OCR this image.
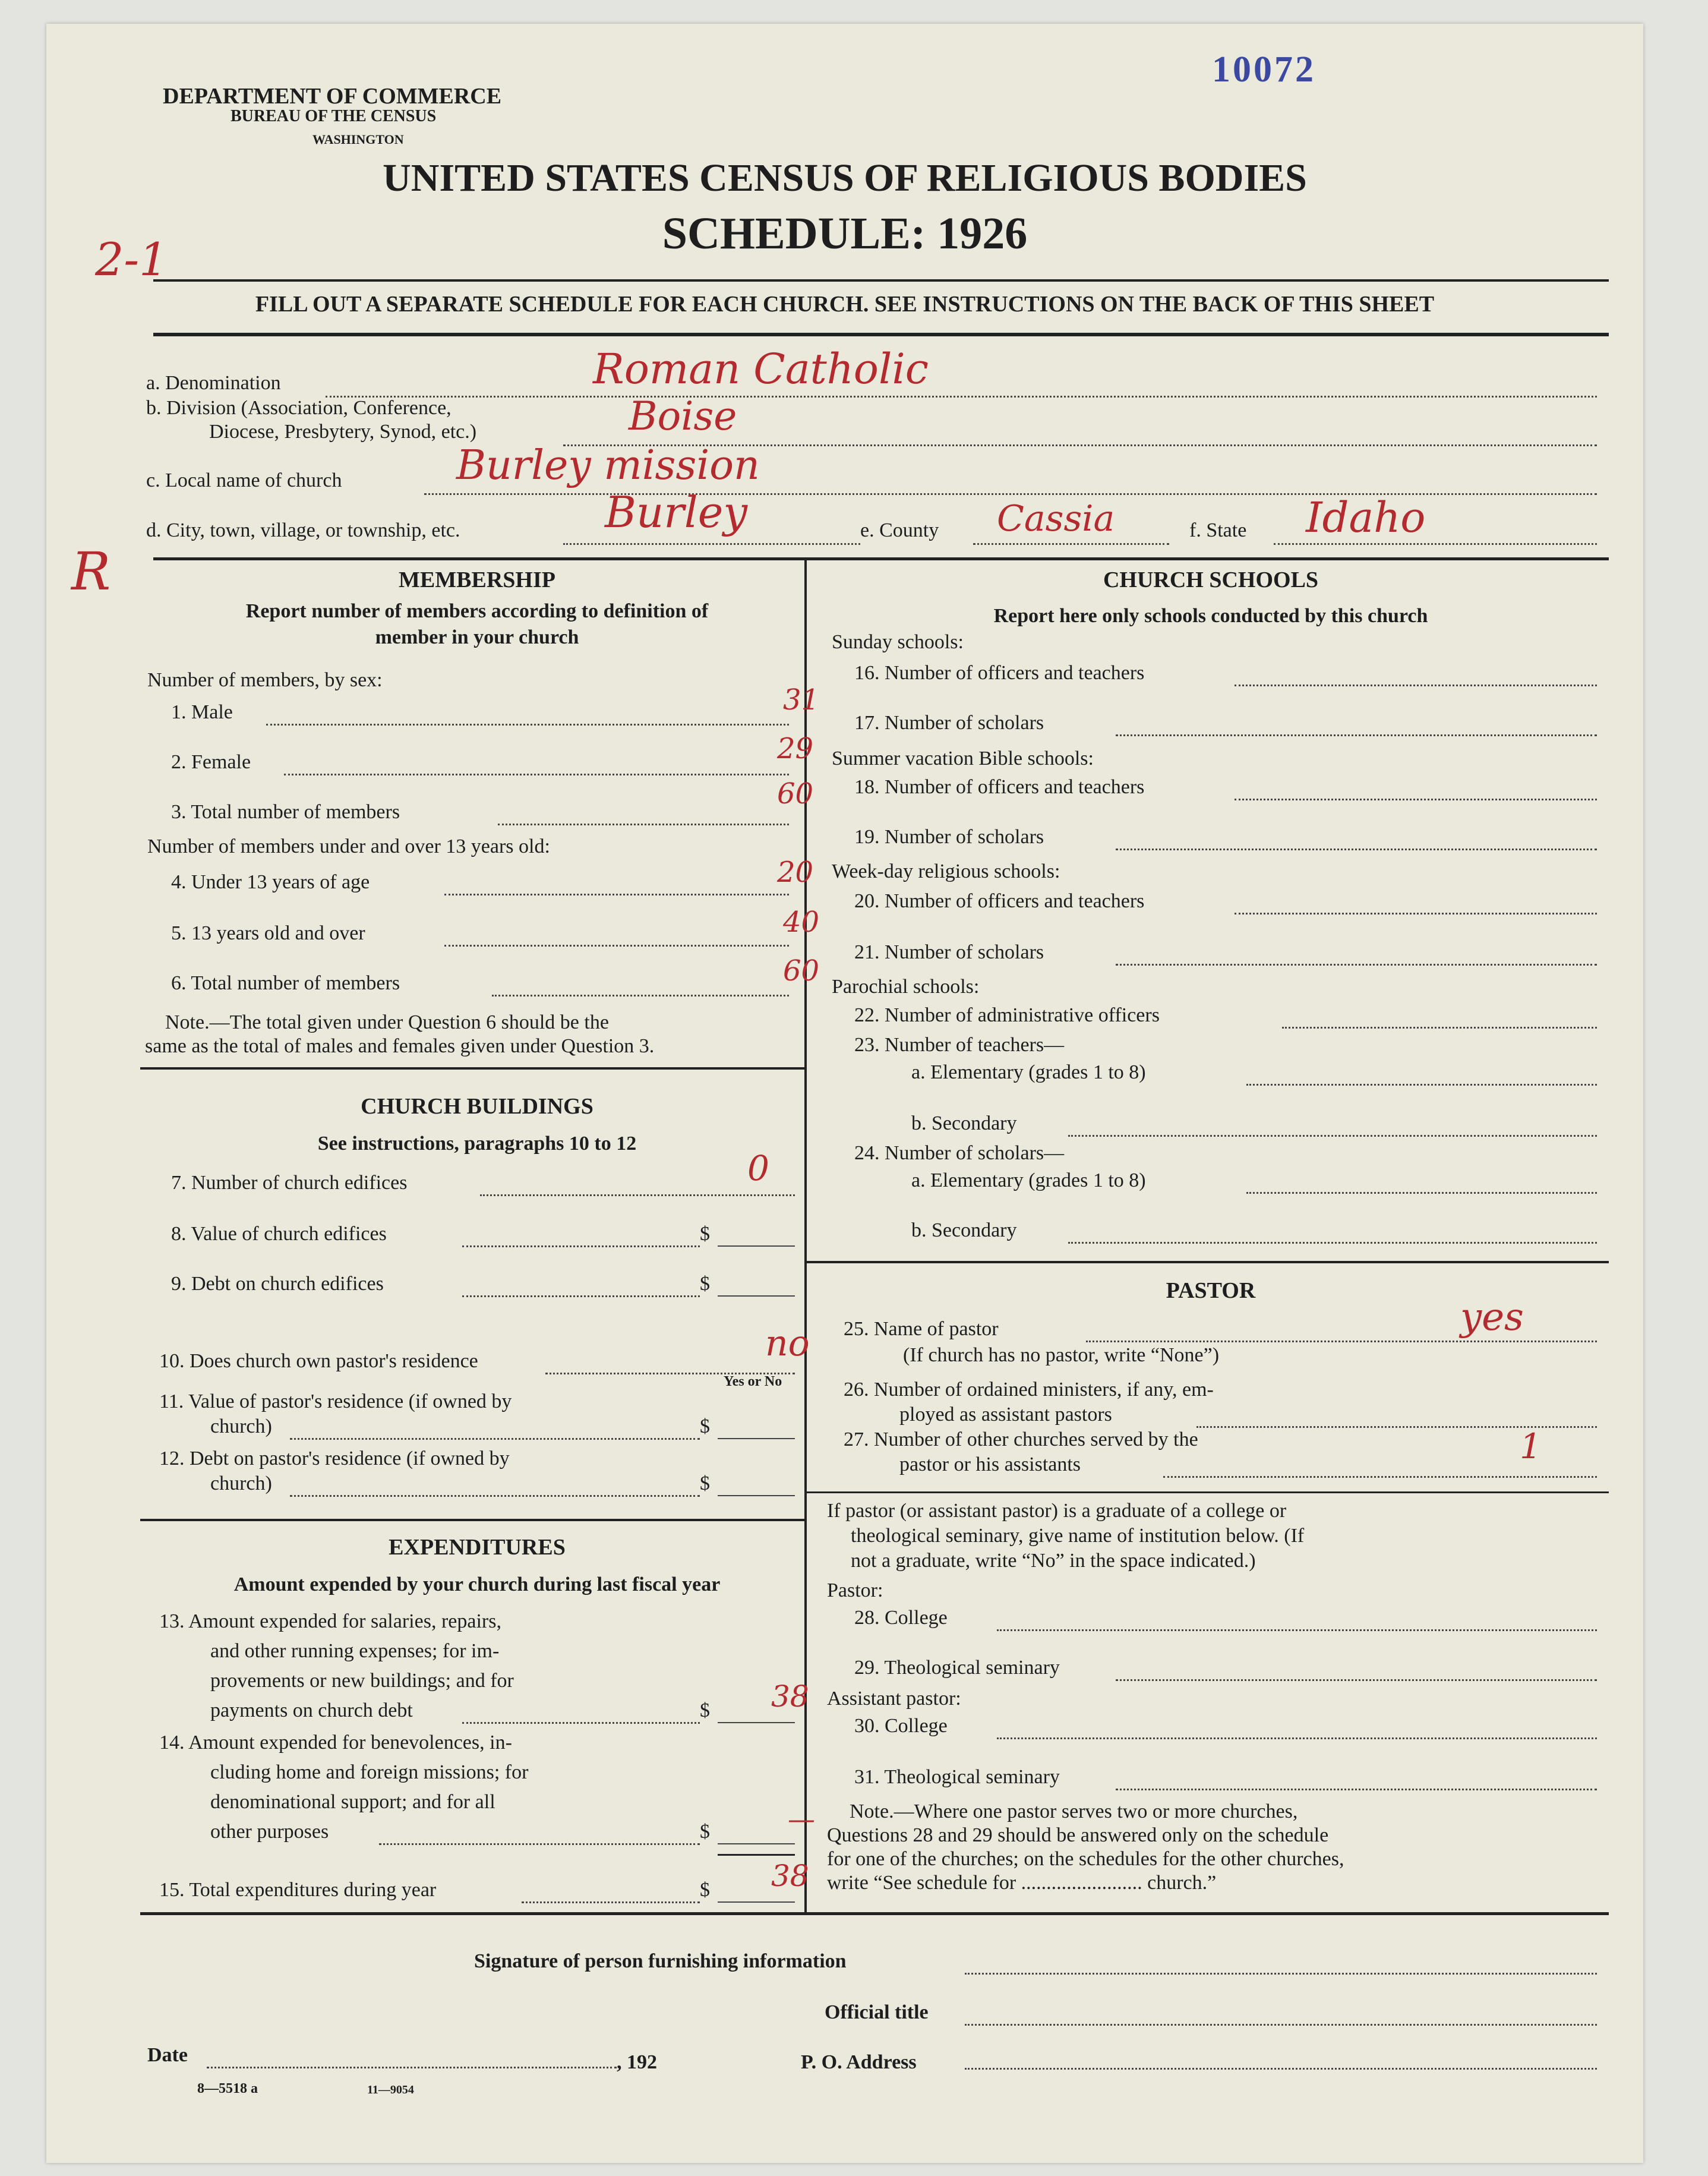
10072
DEPARTMENT OF COMMERCE
BUREAU OF THE CENSUS
WASHINGTON
UNITED STATES CENSUS OF RELIGIOUS BODIES
SCHEDULE: 1926
2-1
FILL OUT A SEPARATE SCHEDULE FOR EACH CHURCH. SEE INSTRUCTIONS ON THE BACK OF THIS SHEET
a. Denomination	Roman Catholic
b. Division (Association, Conference,
Diocese, Presbytery, Synod, etc.)	Boise
c. Local name of church	Burley mission
d. City, town, village, or township, etc.	Burley	e. County Cassia	f. State Idaho
R	MEMBERSHIP
Report number of members according to definition of
member in your church
Number of members, by sex:
1. Male	31
2. Female	29
3. Total number of members
60
Number of members under and over 13 years old:
4. Under 13 years of age	20
5. 13 years old and over	40
6. Total number of members	60
Note.—The total given under Question 6 should be the
same as the total of males and females given under Question 3.
CHURCH BUILDINGS
See instructions, paragraphs 10 to 12
7. Number of church edifices	0
8. Value of church edifices	$
9. Debt on church edifices	$
10. Does church own pastor's residence	no
Yes or No
11. Value of pastor's residence (if owned by
church)	$
12. Debt on pastor's residence (if owned by
church)	$
EXPENDITURES
Amount expended by your church during last fiscal year
13. Amount expended for salaries, repairs,
and other running expenses; for im-
provements or new buildings; and for
payments on church debt	$ 38
14. Amount expended for benevolences, in-
cluding home and foreign missions; for
denominational support; and for all
other purposes	$	—
15. Total expenditures during year	$ 38
CHURCH SCHOOLS
Report here only schools conducted by this church
Sunday schools:
16. Number of officers and teachers
17. Number of scholars
Summer vacation Bible schools:
18. Number of officers and teachers
19. Number of scholars
Week-day religious schools:
20. Number of officers and teachers
21. Number of scholars
Parochial schools:
22. Number of administrative officers
23. Number of teachers—
a. Elementary (grades 1 to 8)
b. Secondary
24. Number of scholars—
a. Elementary (grades 1 to 8)
b. Secondary
PASTOR
25. Name of pastor	yes
(If church has no pastor, write “None”)
26. Number of ordained ministers, if any, em-
ployed as assistant pastors
27. Number of other churches served by the
pastor or his assistants	1
If pastor (or assistant pastor) is a graduate of a college or
theological seminary, give name of institution below. (If
not a graduate, write “No” in the space indicated.)
Pastor:
28. College
29. Theological seminary
Assistant pastor:
30. College
31. Theological seminary
Note.—Where one pastor serves two or more churches,
Questions 28 and 29 should be answered only on the schedule
for one of the churches; on the schedules for the other churches,
write “See schedule for ........................ church.”
Signature of person furnishing information
Official title
Date	, 192	P. O. Address
8—5518 a	11—9054
